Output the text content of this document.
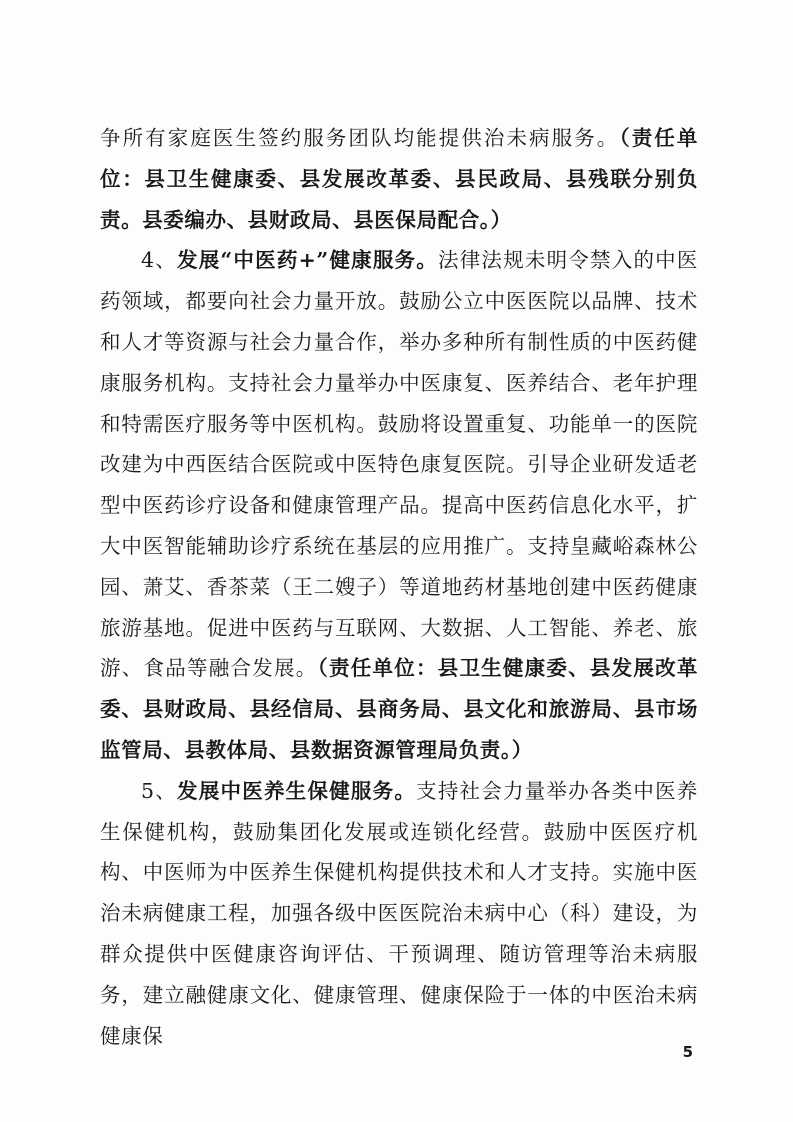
争所有家庭医生签约服务团队均能提供治未病服务。（责任单位：县卫生健康委、县发展改革委、县民政局、县残联分别负责。县委编办、县财政局、县医保局配合。）

4、发展“中医药+”健康服务。法律法规未明令禁入的中医药领域，都要向社会力量开放。鼓励公立中医医院以品牌、技术和人才等资源与社会力量合作，举办多种所有制性质的中医药健康服务机构。支持社会力量举办中医康复、医养结合、老年护理和特需医疗服务等中医机构。鼓励将设置重复、功能单一的医院改建为中西医结合医院或中医特色康复医院。引导企业研发适老型中医药诊疗设备和健康管理产品。提高中医药信息化水平，扩大中医智能辅助诊疗系统在基层的应用推广。支持皇藏峪森林公园、萧艾、香茶菜（王二嫂子）等道地药材基地创建中医药健康旅游基地。促进中医药与互联网、大数据、人工智能、养老、旅游、食品等融合发展。（责任单位：县卫生健康委、县发展改革委、县财政局、县经信局、县商务局、县文化和旅游局、县市场监管局、县教体局、县数据资源管理局负责。）

5、发展中医养生保健服务。支持社会力量举办各类中医养生保健机构，鼓励集团化发展或连锁化经营。鼓励中医医疗机构、中医师为中医养生保健机构提供技术和人才支持。实施中医治未病健康工程，加强各级中医医院治未病中心（科）建设，为群众提供中医健康咨询评估、干预调理、随访管理等治未病服务，建立融健康文化、健康管理、健康保险于一体的中医治未病健康保

5
